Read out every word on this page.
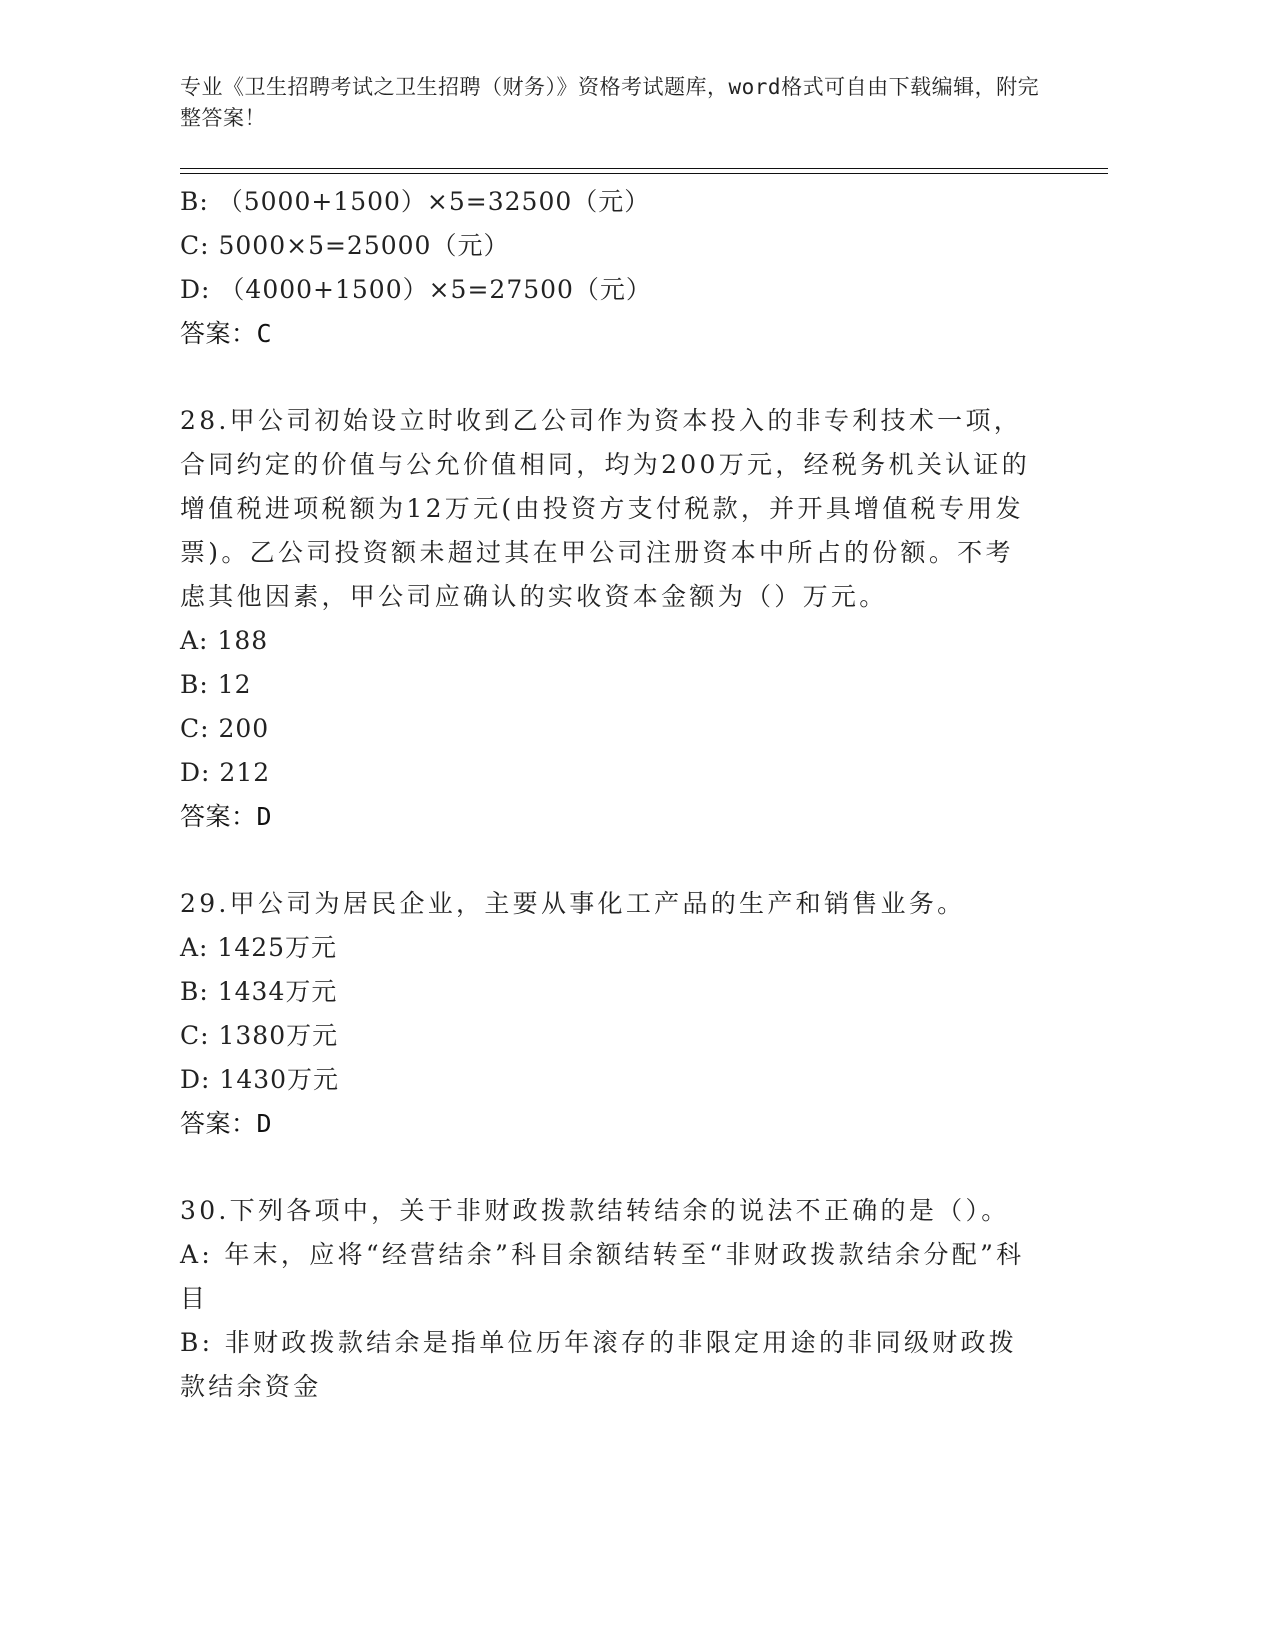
专业《卫生招聘考试之卫生招聘（财务）》资格考试题库，word格式可自由下载编辑，附完整答案！
B: （5000+1500）×5=32500（元）
C: 5000×5=25000（元）
D: （4000+1500）×5=27500（元）
答案：C
28.甲公司初始设立时收到乙公司作为资本投入的非专利技术一项，合同约定的价值与公允价值相同，均为200万元，经税务机关认证的增值税进项税额为12万元(由投资方支付税款，并开具增值税专用发票)。乙公司投资额未超过其在甲公司注册资本中所占的份额。不考虑其他因素，甲公司应确认的实收资本金额为（）万元。
A: 188
B: 12
C: 200
D: 212
答案：D
29.甲公司为居民企业，主要从事化工产品的生产和销售业务。
A: 1425万元
B: 1434万元
C: 1380万元
D: 1430万元
答案：D
30.下列各项中，关于非财政拨款结转结余的说法不正确的是（）。
A: 年末，应将“经营结余”科目余额结转至“非财政拨款结余分配”科目
B: 非财政拨款结余是指单位历年滚存的非限定用途的非同级财政拨款结余资金
